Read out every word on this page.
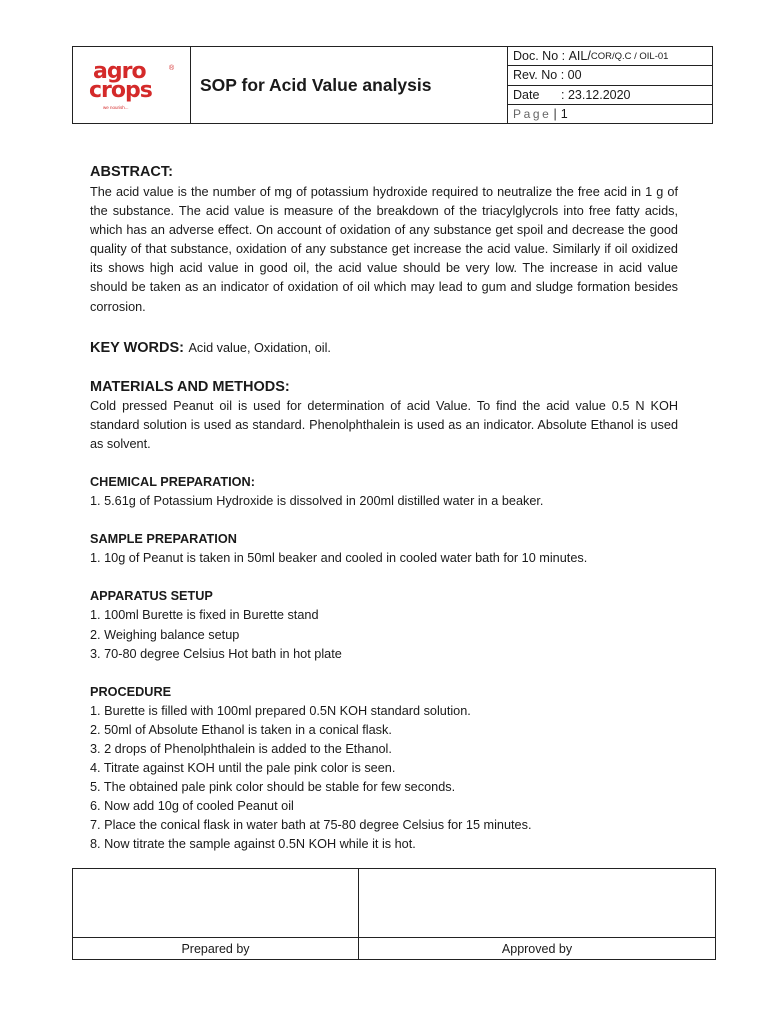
agro
crops
®
we nourish...
SOP for Acid Value analysis
Doc. No : AIL/ COR/Q.C / OIL-01
Rev. No : 00
Date	: 23.12.2020
Page | 1

ABSTRACT:

The acid value is the number of mg of potassium hydroxide required to neutralize the free acid in 1 g of the substance. The acid value is measure of the breakdown of the triacylglycrols into free fatty acids, which has an adverse effect. On account of oxidation of any substance get spoil and decrease the good quality of that substance, oxidation of any substance get increase the acid value. Similarly if oil oxidized its shows high acid value in good oil, the acid value should be very low. The increase in acid value should be taken as an indicator of oxidation of oil which may lead to gum and sludge formation besides corrosion.

KEY WORDS: Acid value, Oxidation, oil.

MATERIALS AND METHODS:

Cold pressed Peanut oil is used for determination of acid Value. To find the acid value 0.5 N KOH standard solution is used as standard. Phenolphthalein is used as an indicator. Absolute Ethanol is used as solvent.

CHEMICAL PREPARATION:

1. 5.61g of Potassium Hydroxide is dissolved in 200ml distilled water in a beaker.

SAMPLE PREPARATION

1. 10g of Peanut is taken in 50ml beaker and cooled in cooled water bath for 10 minutes.

APPARATUS SETUP

1. 100ml Burette is fixed in Burette stand

2. Weighing balance setup

3. 70-80 degree Celsius Hot bath in hot plate

PROCEDURE

1. Burette is filled with 100ml prepared 0.5N KOH standard solution.

2. 50ml of Absolute Ethanol is taken in a conical flask.

3. 2 drops of Phenolphthalein is added to the Ethanol.

4. Titrate against KOH until the pale pink color is seen.

5. The obtained pale pink color should be stable for few seconds.

6. Now add 10g of cooled Peanut oil

7. Place the conical flask in water bath at 75-80 degree Celsius for 15 minutes.

8. Now titrate the sample against 0.5N KOH while it is hot.

Prepared by	Approved by
